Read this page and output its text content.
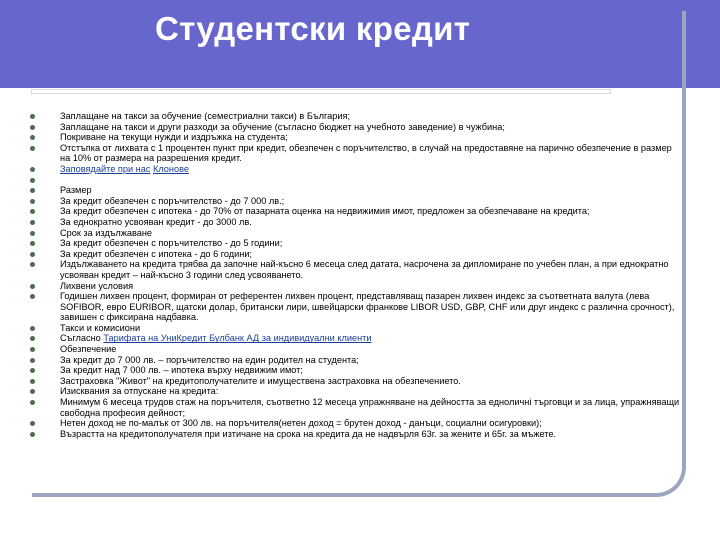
Студентски кредит
Заплащане на такси за обучение (семестриални такси) в България;
Заплащане на такси и други разходи за обучение (съгласно бюджет на учебното заведение) в чужбина;
Покриване на текущи нужди и издръжка на студента;
Отстъпка от лихвата с 1 процентен пункт при кредит, обезпечен с поръчителство, в случай на предоставяне на парично обезпечение в размер на 10% от размера на разрешения кредит.
Заповядайте при нас Клонове

Размер
За кредит обезпечен с поръчителство - до 7 000 лв.;
За кредит обезпечен с ипотека - до 70% от пазарната оценка на недвижимия имот, предложен за обезпечаване на кредита;
За еднократно усвояван кредит - до 3000 лв.
Срок за издължаване
За кредит обезпечен с поръчителство - до 5 години;
За кредит обезпечен с ипотека - до 6 години;
Издължаването на кредита трябва да започне най-късно 6 месеца след датата, насрочена за дипломиране по учебен план, а при еднократно усвояван кредит – най-късно 3 години след усвояването.
Лихвени условия
Годишен лихвен процент, формиран от референтен лихвен процент, представляващ пазарен лихвен индекс за съответната валута (левa SOFIBOR, евро EURIBOR, щатски долар, британски лири, швейцарски франкове LIBOR USD, GBP, CHF или друг индекс с различна срочност), завишен с фиксирана надбавка.
Такси и комисиони
Съгласно Тарифата на УниКредит Булбанк АД за индивидуални клиенти
Обезпечение
За кредит до 7 000 лв. – поръчителство на един родител на студента;
За кредит над 7 000 лв. – ипотека върху недвижим имот;
Застраховка "Живот" на кредитополучателите и имуществена застраховка на обезпечението.
Изисквания за отпускане на кредита:
Минимум 6 месеца трудов стаж на поръчителя, съответно 12 месеца упражняване на дейността за едноличнi търговци и за лица, упражняващи свободна професия дейност;
Нетен доход не по-малък от 300 лв. на поръчителя(нетен доход = брутен доход - данъци, социални осигуровки);
Възрастта на кредитополучателя при изтичане на срока на кредита да не надвърля 63г. за жените и 65г. за мъжете.
